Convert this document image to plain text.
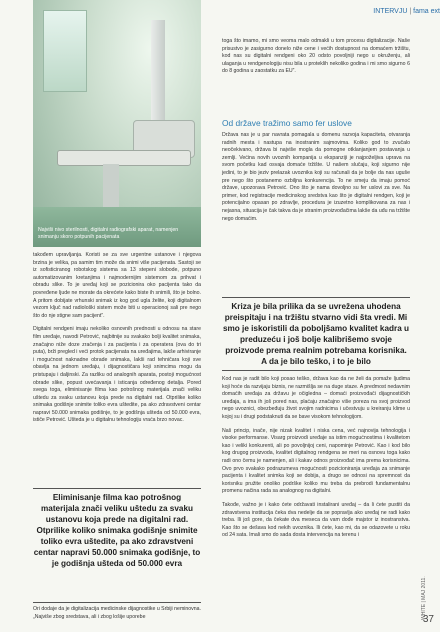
INTERVJU | fama ext
Najviši nivo sterilnosti, digitalni radiografski aparat, namenjen snimanju skoro potpunih pacijenata

takođem upravljanja. Koristi se za sve urgentne ustanove i njegova brzina je velika, pa samim tim može da snimi više pacijenata. Sastoji se iz sofisticiranog robotskog sistema sa 13 stepeni slobode, potpuno automatizovanim kretanjima i najmodernijim sistemom za prihvat i obradu slike. To je uređaj koji se pozicionira oko pacijenta tako da povređene ljude ne morate da okrećete kako biste ih snimili, što je bolno. A pritom dobijate vrhunski snimak iz kog god ugla želite, koji digitalnom vezom ključ nad radiološki sistem može biti u operacionoj sali pre nego što do nje stigne sam pacijent”.

Digitalni rendgeni imaju nekoliko osnovnih prednosti u odnosu na stare film uređaje, navodi Petrović, najbitnije su svakako bolji kvalitet snimaka, značajno niže doze zračenja i za pacijenta i za operatera (ova do tri puta), brži pregled i veći protok pacijenata na uređajima, lakše arhiviranje i mogućnost naknadne obrade snimaka, lakši rad tehničara koji sve obavlja na jednom uređaju, i dijagnostičara koji snimcima mogu da pristupaju i daljinski. Za razliku od analognih aparata, postoji mogućnost obrade slike, popust uvećavanja i isticanja određenog detalja. Pored svega toga, eliminisanje filma kao potrošnog materijala znači veliku uštedu za svaku ustanovu koja prede na digitalni rad. Otprilike koliko snimaka godišnje snimite toliko evra uštedite, pa ako zdravstveni centar napravi 50.000 snimaka godišnje, to je godišnja ušteda od 50.000 evra, ističe Petrović. Ušteda je u digitalnu tehnologiju vraća brzo novac.

Eliminisanje filma kao potrošnog materijala znači veliku uštedu za svaku ustanovu koja prede na digitalni rad. Otprilike koliko snimaka godišnje snimite toliko evra uštedite, pa ako zdravstveni centar napravi 50.000 snimaka godišnje, to je godišnja ušteda od 50.000 evra

Ori dodaje da je digitalizacija medicinske dijagnostike u Srbiji neminovna. „Najviše zbog sredstava, ali i zbog lošije uporebe

toga što imamo, mi smo veoma malo odmakli u tom procesu digitalizacije. Naše prisustvo je zasigurno donelo niže cene i većih dostupnost na domaćem tržištu, kod nas su digitalni rendgeni oko 20 odsto povoljniji nego u okruženju, ali ulaganja u rendgenologiju nisu bila u proteklih nekoliko godina i mi smo sigurno 6 do 8 godina u zaostatku za EU”.

Od države tražimo samo fer uslove

Država nas je u par navrata pomagala u domenu razvoja kapaciteta, otvaranja radnih mesta i nastupa na inostranim sajmovima. Koliko god to zvučalo neočekivano, država bi najviše mogla da pomogne otklanjanjem postavanja u zemlji. Većina novih uvoznih kompanija u ekspanziji je najpoželjiva uprava na svom početku kad osvaja domaće tržište. U našem slučaju, koji sigurno nije jedini, to je bio jeziv prelazak uvoznika koji su računali da je bolje da nas uguše pre nego što postanemo ozbiljna konkurencija. To ne smeju da imaju pomoć države, upozorava Petrović. Ono što je nama dovoljno su fer uslovi za sve. Na primer, kod registracije medicinskog sredstva kao što je digitalni rendgen, koji je potencijalno opasan po zdravlje, procedura je izuzetno komplikovana za nas i nejasna, situacija je čak takva da je stranim proizvođačima lakše da uđu na tržište nego domaćim.

Kriza je bila prilika da se uvrežena uhodena preispitaju i na tržištu stvarno vidi šta vredi. Mi smo je iskoristili da poboljšamo kvalitet kadra u preduzeću i još bolje kalibrišemo svoje proizvode prema realnim potrebama korisnika. A da je bilo teško, i to je bilo

Kod nas je radit bilo koji posao teško, država kao da ne želi da pomaže ljudima koji hoće da razvijaju biznis, ne razmišlja se na duge staze. A predmost nedavnim domaćih uređaja za državu je očigledna – domaći proizvođači dijagnostičkih uređaja, a ima ih još pored nas, plaćaju značajno više poreza na svoj proizvod nego uvoznici, obezbeđuju život svojim radnicima i učestvuju u kreiranju klime u kojoj su i drugi podstaknuti da se bave visokom tehnologijom.

Naš princip, inače, nije nizak kvalitet i niska cena, već najnovija tehnologija i visoke performanse. Visarg proizvodi uređaje sa istim mogućnostima i kvalitetom kao i veliki konkurenti, ali po povoljnijoj ceni, napominje Petrović. Kao i kod bilo kog drugog proizvoda, kvalitet digitalnog rendgena se meri na osnovu toga kako radi ono čemu je namenjen, ali i kakav odnos proizvođač ima prema korisnicima. Ovo prvo svakako podrazumeva mogućnosti pozicioniranja uređaja za snimanje pacijenta i kvalitet snimka koji se dobija, a drugo se odnosi na spremnost da korisniku pružite onoliko podrške koliko mu treba da prebrodi fundamentalnu promenu načina rada sa analognog na digitalni.

Takođe, važno je i kako ćete održavati instalirani uređaj – da li ćete pustiti da zdravstvena institucija čeka dva nedelje da se popravlja ako uređaj ne radi kako treba. Ili još gore, da čekate dva meseca da vam dođe majstor iz inostranstva. Kao što se dešava kod nekih uvoznika. Ili ćete, kao mi, da se odazovete u roku od 24 sata. Imali smo do sada dosta intervencija na terenu i

WHITE | MAJ 2011.
37
